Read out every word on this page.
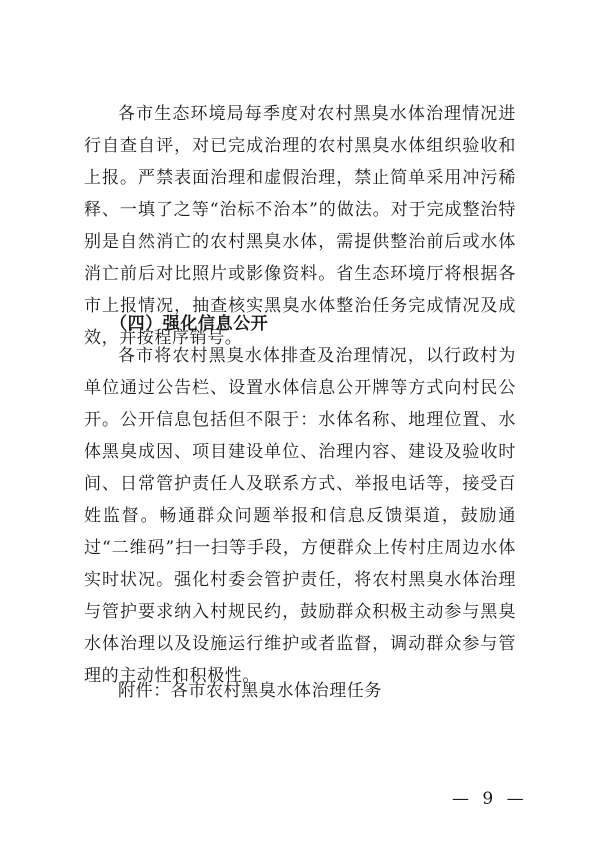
各市生态环境局每季度对农村黑臭水体治理情况进行自查自评，对已完成治理的农村黑臭水体组织验收和上报。严禁表面治理和虚假治理，禁止简单采用冲污稀释、一填了之等“治标不治本”的做法。对于完成整治特别是自然消亡的农村黑臭水体，需提供整治前后或水体消亡前后对比照片或影像资料。省生态环境厅将根据各市上报情况，抽查核实黑臭水体整治任务完成情况及成效，并按程序销号。

（四）强化信息公开

各市将农村黑臭水体排查及治理情况，以行政村为单位通过公告栏、设置水体信息公开牌等方式向村民公开。公开信息包括但不限于：水体名称、地理位置、水体黑臭成因、项目建设单位、治理内容、建设及验收时间、日常管护责任人及联系方式、举报电话等，接受百姓监督。畅通群众问题举报和信息反馈渠道，鼓励通过“二维码”扫一扫等手段，方便群众上传村庄周边水体实时状况。强化村委会管护责任，将农村黑臭水体治理与管护要求纳入村规民约，鼓励群众积极主动参与黑臭水体治理以及设施运行维护或者监督，调动群众参与管理的主动性和积极性。

附件：各市农村黑臭水体治理任务

— 9 —
